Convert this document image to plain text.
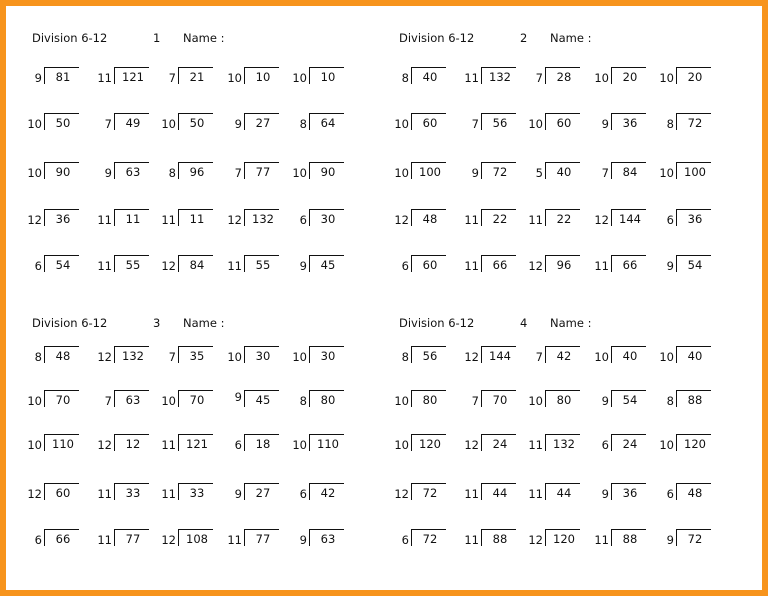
Division 6-12	1 Name :
9	81	11 121	7	21	10	10	10	10
10	50	7	49	10	50	9	27	8	64
10	90	9	63	8	96	7	77	10	90
12	36	11	11	11	11	12 132	6	30
6	54	11	55	12	84	11	55	9	45
Division 6-12	2 Name :
8	40	11 132	7	28	10	20	10	20
10	60	7	56	10	60	9	36	8	72
10 100	9	72	5	40	7	84	10 100
12	48	11	22	11	22	12 144	6	36
6	60	11	66	12	96	11	66	9	54
Division 6-12	3 Name :
8	48	12 132	7	35	10	30	10	30
10	70	7	63	10	70	9	45	8	80
10 110	12	12	11 121	6	18	10 110
12	60	11	33	11	33	9	27	6	42
6	66	11	77	12 108	11	77	9	63
Division 6-12	4 Name :
8	56	12 144	7	42	10	40	10	40
10	80	7	70	10	80	9	54	8	88
10 120	12	24	11 132	6	24	10 120
12	72	11	44	11	44	9	36	6	48
6	72	11	88	12 120	11	88	9	72
